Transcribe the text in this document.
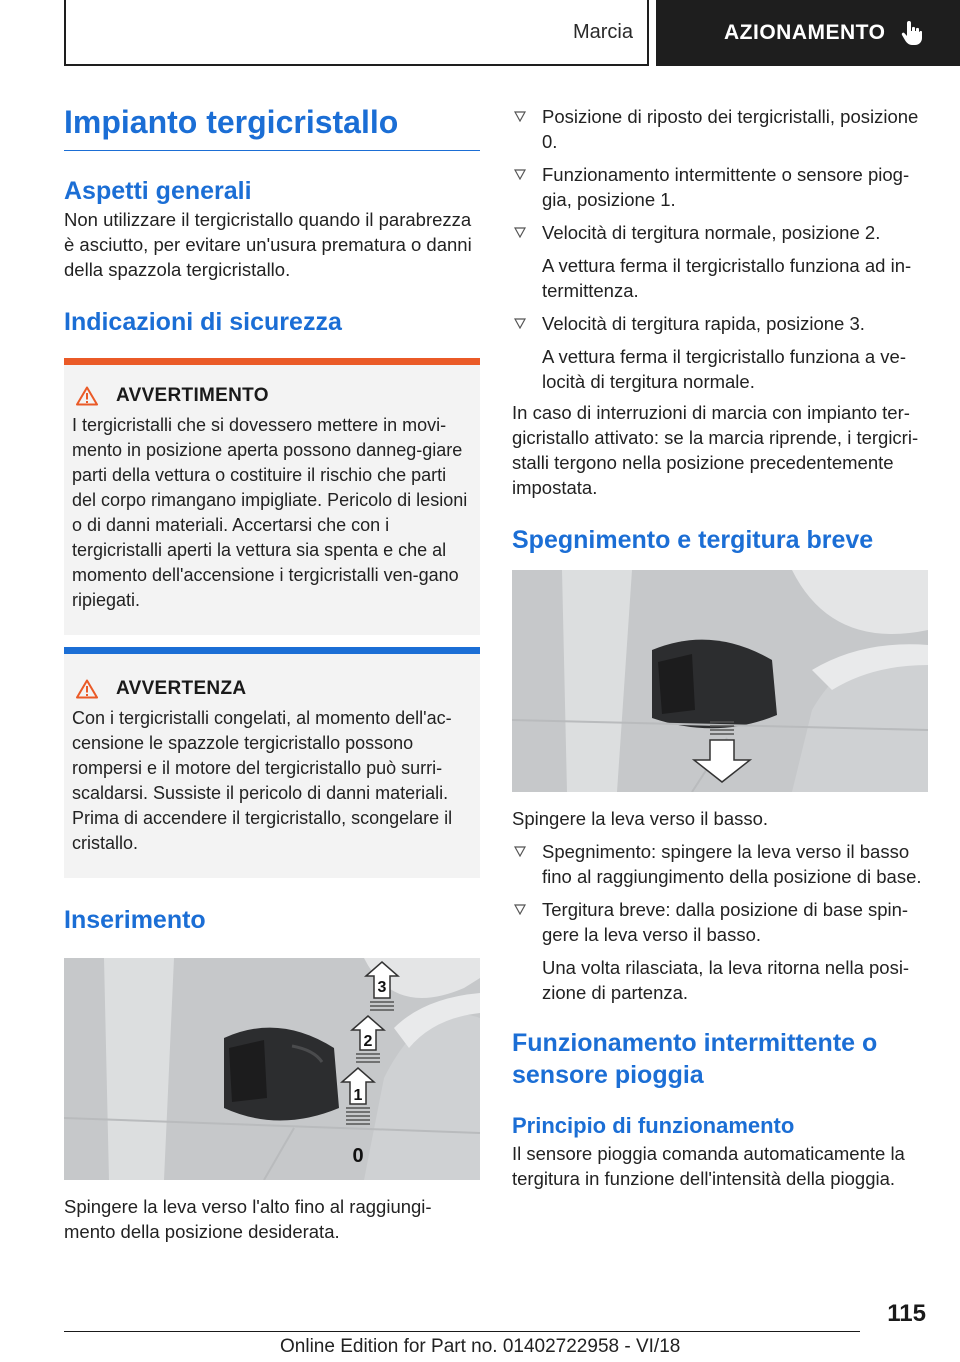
Marcia	AZIONAMENTO
Impianto tergicristallo
Aspetti generali

Non utilizzare il tergicristallo quando il parabrezza è asciutto, per evitare un'usura prematura o danni della spazzola tergicristallo.

Indicazioni di sicurezza
AVVERTIMENTO

I tergicristalli che si dovessero mettere in movi-mento in posizione aperta possono danneg-giare parti della vettura o costituire il rischio che parti del corpo rimangano impigliate. Pericolo di lesioni o di danni materiali. Accertarsi che con i tergicristalli aperti la vettura sia spenta e che al momento dell'accensione i tergicristalli ven-gano ripiegati.

AVVERTENZA

Con i tergicristalli congelati, al momento dell'ac-censione le spazzole tergicristallo possono rompersi e il motore del tergicristallo può surri-scaldarsi. Sussiste il pericolo di danni materiali. Prima di accendere il tergicristallo, scongelare il cristallo.

Inserimento
3
2
1
0

Spingere la leva verso l'alto fino al raggiungi-mento della posizione desiderata.

Posizione di riposto dei tergicristalli, posizione 0.
Funzionamento intermittente o sensore piog-gia, posizione 1.
Velocità di tergitura normale, posizione 2.
A vettura ferma il tergicristallo funziona ad in-termittenza.
Velocità di tergitura rapida, posizione 3.
A vettura ferma il tergicristallo funziona a ve-locità di tergitura normale.

In caso di interruzioni di marcia con impianto ter-gicristallo attivato: se la marcia riprende, i tergicri-stalli tergono nella posizione precedentemente impostata.

Spegnimento e tergitura breve

Spingere la leva verso il basso.

Spegnimento: spingere la leva verso il basso fino al raggiungimento della posizione di base.
Tergitura breve: dalla posizione di base spin-gere la leva verso il basso.
Una volta rilasciata, la leva ritorna nella posi-zione di partenza.
Funzionamento intermittente o sensore pioggia
Principio di funzionamento

Il sensore pioggia comanda automaticamente la tergitura in funzione dell'intensità della pioggia.

115
Online Edition for Part no. 01402722958 - VI/18
